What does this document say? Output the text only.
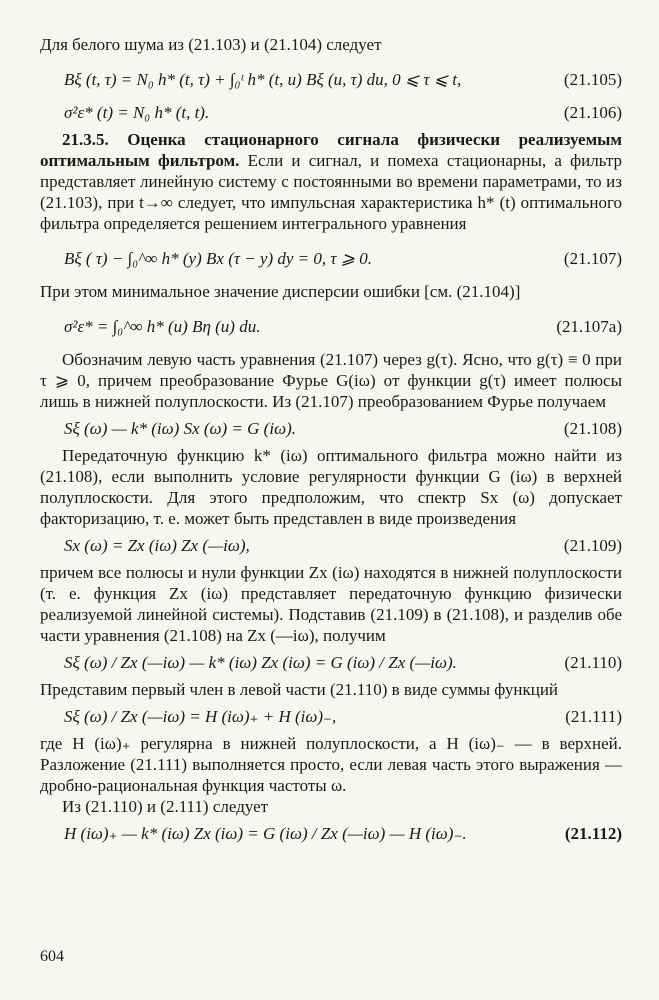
Для белого шума из (21.103) и (21.104) следует

Bξ (t, τ) = N₀ h* (t, τ) + ∫₀ᵗ h* (t, u) Bξ (u, τ) du, 0 ⩽ τ ⩽ t,	(21.105)
σ²ε* (t) = N₀ h* (t, t).	(21.106)

21.3.5. Оценка стационарного сигнала физически реализуемым оптимальным фильтром. Если и сигнал, и помеха стационарны, а фильтр представляет линейную систему с постоянными во времени параметрами, то из (21.103), при t→∞ следует, что импульсная характеристика h* (t) оптимального фильтра определяется решением интегрального уравнения

Bξ ( τ) − ∫₀^∞ h* (y) Bx (τ − y) dy = 0, τ ⩾ 0.	(21.107)

При этом минимальное значение дисперсии ошибки [см. (21.104)]

σ²ε* = ∫₀^∞ h* (u) Bη (u) du.	(21.107а)

Обозначим левую часть уравнения (21.107) через g(τ). Ясно, что g(τ) ≡ 0 при τ ⩾ 0, причем преобразование Фурье G(iω) от функции g(τ) имеет полюсы лишь в нижней полуплоскости. Из (21.107) преобразованием Фурье получаем

Sξ (ω) — k* (iω) Sx (ω) = G (iω).	(21.108)

Передаточную функцию k* (iω) оптимального фильтра можно найти из (21.108), если выполнить условие регулярности функции G (iω) в верхней полуплоскости. Для этого предположим, что спектр Sx (ω) допускает факторизацию, т. е. может быть представлен в виде произведения

Sx (ω) = Zx (iω) Zx (—iω),	(21.109)

причем все полюсы и нули функции Zx (iω) находятся в нижней полуплоскости (т. е. функция Zx (iω) представляет передаточную функцию физически реализуемой линейной системы). Подставив (21.109) в (21.108), и разделив обе части уравнения (21.108) на Zx (—iω), получим

Sξ (ω) / Zx (—iω) — k* (iω) Zx (iω) = G (iω) / Zx (—iω).	(21.110)

Представим первый член в левой части (21.110) в виде суммы функций

Sξ (ω) / Zx (—iω) = H (iω)₊ + H (iω)₋,	(21.111)

где H (iω)₊ регулярна в нижней полуплоскости, а H (iω)₋ — в верхней. Разложение (21.111) выполняется просто, если левая часть этого выражения — дробно-рациональная функция частоты ω.

Из (21.110) и (2.111) следует

H (iω)₊ — k* (iω) Zx (iω) = G (iω) / Zx (—iω) — H (iω)₋.	(21.112)
604
